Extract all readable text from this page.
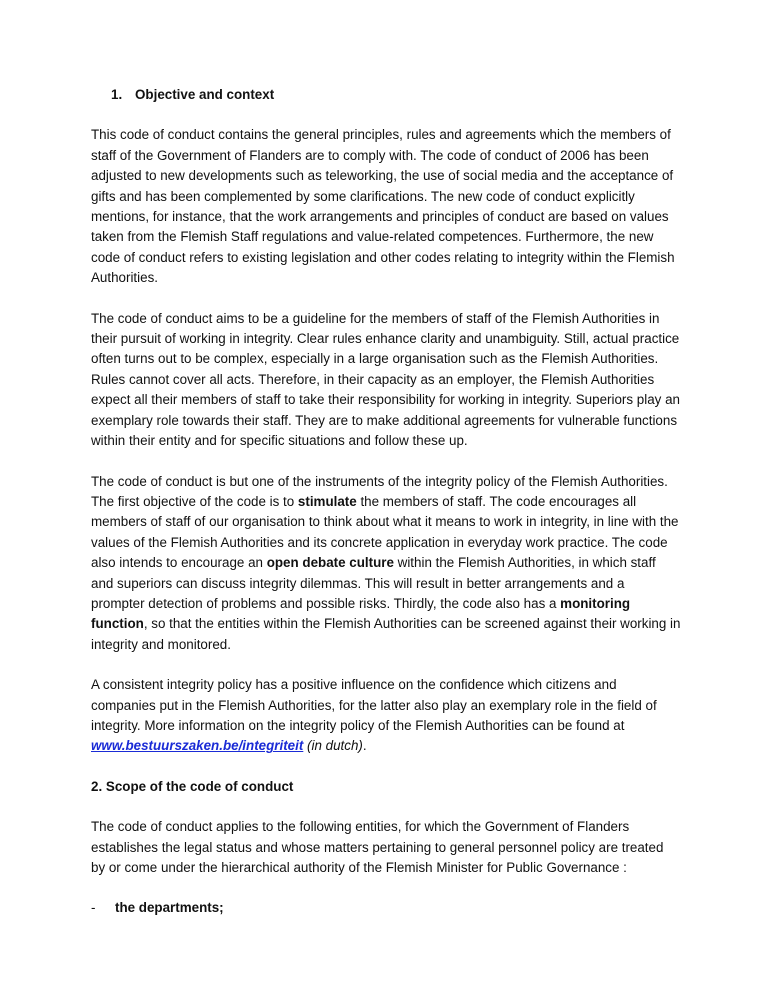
1. Objective and context

This code of conduct contains the general principles, rules and agreements which the members of staff of the Government of Flanders are to comply with. The code of conduct of 2006 has been adjusted to new developments such as teleworking, the use of social media and the acceptance of gifts and has been complemented by some clarifications. The new code of conduct explicitly mentions, for instance, that the work arrangements and principles of conduct are based on values taken from the Flemish Staff regulations and value-related competences. Furthermore, the new code of conduct refers to existing legislation and other codes relating to integrity within the Flemish Authorities.

The code of conduct aims to be a guideline for the members of staff of the Flemish Authorities in their pursuit of working in integrity. Clear rules enhance clarity and unambiguity. Still, actual practice often turns out to be complex, especially in a large organisation such as the Flemish Authorities. Rules cannot cover all acts. Therefore, in their capacity as an employer, the Flemish Authorities expect all their members of staff to take their responsibility for working in integrity. Superiors play an exemplary role towards their staff. They are to make additional agreements for vulnerable functions within their entity and for specific situations and follow these up.

The code of conduct is but one of the instruments of the integrity policy of the Flemish Authorities. The first objective of the code is to stimulate the members of staff. The code encourages all members of staff of our organisation to think about what it means to work in integrity, in line with the values of the Flemish Authorities and its concrete application in everyday work practice. The code also intends to encourage an open debate culture within the Flemish Authorities, in which staff and superiors can discuss integrity dilemmas. This will result in better arrangements and a prompter detection of problems and possible risks. Thirdly, the code also has a monitoring function, so that the entities within the Flemish Authorities can be screened against their working in integrity and monitored.

A consistent integrity policy has a positive influence on the confidence which citizens and companies put in the Flemish Authorities, for the latter also play an exemplary role in the field of integrity. More information on the integrity policy of the Flemish Authorities can be found at www.bestuurszaken.be/integriteit (in dutch).

2. Scope of the code of conduct

The code of conduct applies to the following entities, for which the Government of Flanders establishes the legal status and whose matters pertaining to general personnel policy are treated by or come under the hierarchical authority of the Flemish Minister for Public Governance :

-	the departments;
